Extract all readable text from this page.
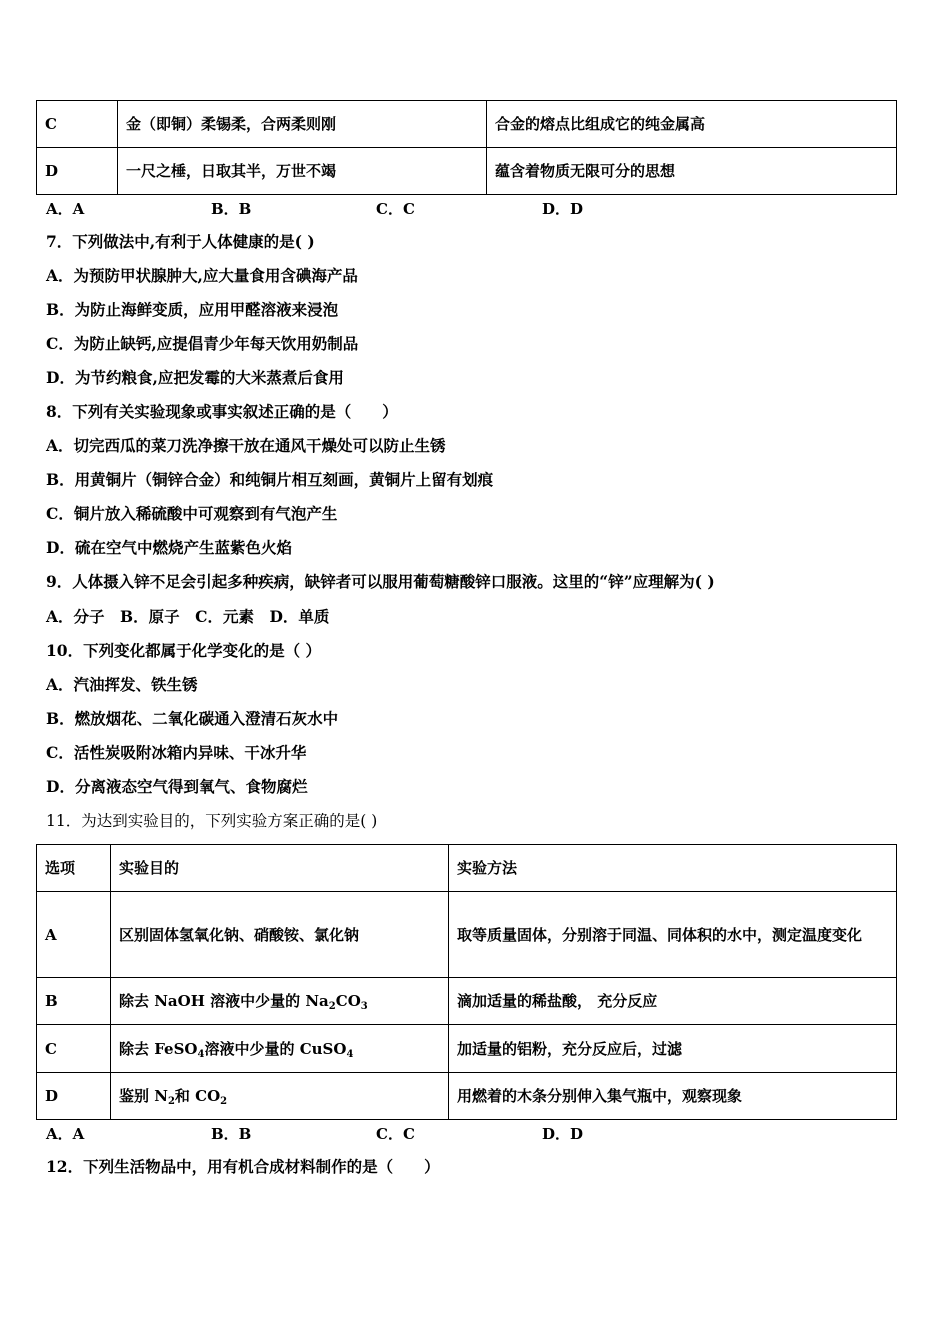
C	金（即铜）柔锡柔，合两柔则刚	合金的熔点比组成它的纯金属高
D	一尺之棰，日取其半，万世不竭	蕴含着物质无限可分的思想
A．A	B．B	C．C	D．D
7．下列做法中,有利于人体健康的是( )
A．为预防甲状腺肿大,应大量食用含碘海产品
B．为防止海鲜变质，应用甲醛溶液来浸泡
C．为防止缺钙,应提倡青少年每天饮用奶制品
D．为节约粮食,应把发霉的大米蒸煮后食用
8．下列有关实验现象或事实叙述正确的是（　　）
A．切完西瓜的菜刀洗净擦干放在通风干燥处可以防止生锈
B．用黄铜片（铜锌合金）和纯铜片相互刻画，黄铜片上留有划痕
C．铜片放入稀硫酸中可观察到有气泡产生
D．硫在空气中燃烧产生蓝紫色火焰
9．人体摄入锌不足会引起多种疾病，缺锌者可以服用葡萄糖酸锌口服液。这里的“锌”应理解为( )
A．分子　B．原子　C．元素　D．单质
10．下列变化都属于化学变化的是（ ）
A．汽油挥发、铁生锈
B．燃放烟花、二氧化碳通入澄清石灰水中
C．活性炭吸附冰箱内异味、干冰升华
D．分离液态空气得到氧气、食物腐烂
11．为达到实验目的，下列实验方案正确的是( )
选项	实验目的	实验方法
A	区别固体氢氧化钠、硝酸铵、氯化钠	取等质量固体，分别溶于同温、同体积的水中，测定温度变化
B	除去 NaOH 溶液中少量的 $Na_2CO_3$	滴加适量的稀盐酸， 充分反应
C	除去 FeSO$_4$溶液中少量的 CuSO$_4$	加适量的铝粉，充分反应后，过滤
D	鉴别 $N_2$和 $CO_2$	用燃着的木条分别伸入集气瓶中，观察现象
A．A	B．B	C．C	D．D
12．下列生活物品中，用有机合成材料制作的是（　　）
